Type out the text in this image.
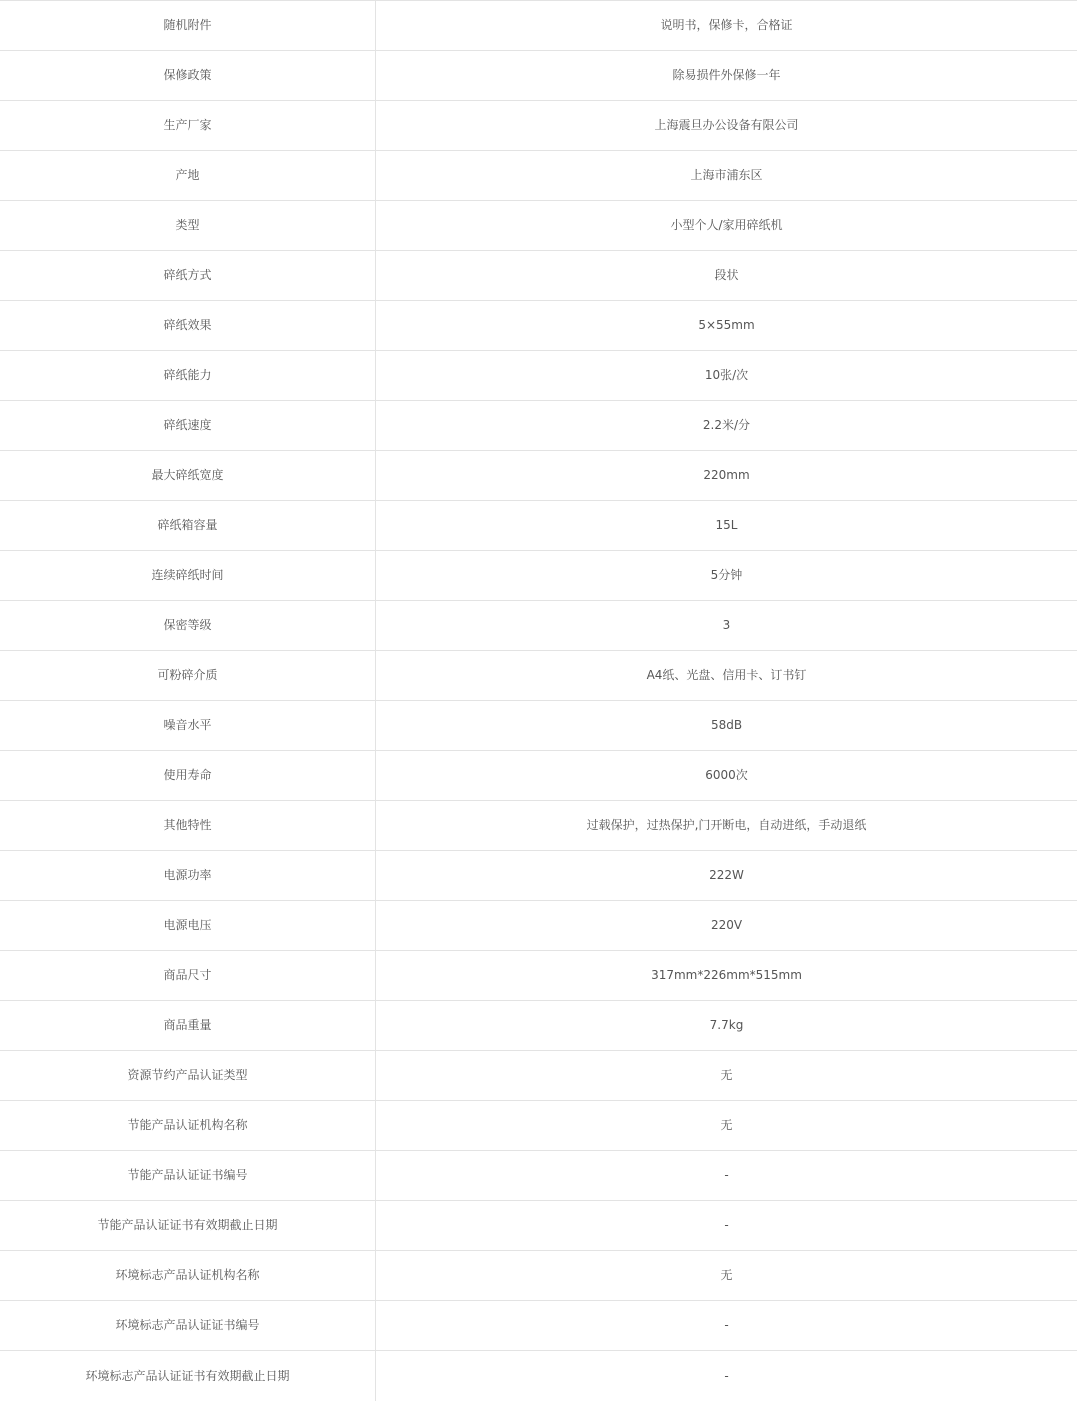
随机附件	说明书，保修卡，合格证
保修政策	除易损件外保修一年
生产厂家	上海震旦办公设备有限公司
产地	上海市浦东区
类型	小型个人/家用碎纸机
碎纸方式	段状
碎纸效果	5×55mm
碎纸能力	10张/次
碎纸速度	2.2米/分
最大碎纸宽度	220mm
碎纸箱容量	15L
连续碎纸时间	5分钟
保密等级	3
可粉碎介质	A4纸、光盘、信用卡、订书钉
噪音水平	58dB
使用寿命	6000次
其他特性	过载保护，过热保护,门开断电，自动进纸，手动退纸
电源功率	222W
电源电压	220V
商品尺寸	317mm*226mm*515mm
商品重量	7.7kg
资源节约产品认证类型	无
节能产品认证机构名称	无
节能产品认证证书编号	-
节能产品认证证书有效期截止日期	-
环境标志产品认证机构名称	无
环境标志产品认证证书编号	-
环境标志产品认证证书有效期截止日期	-
